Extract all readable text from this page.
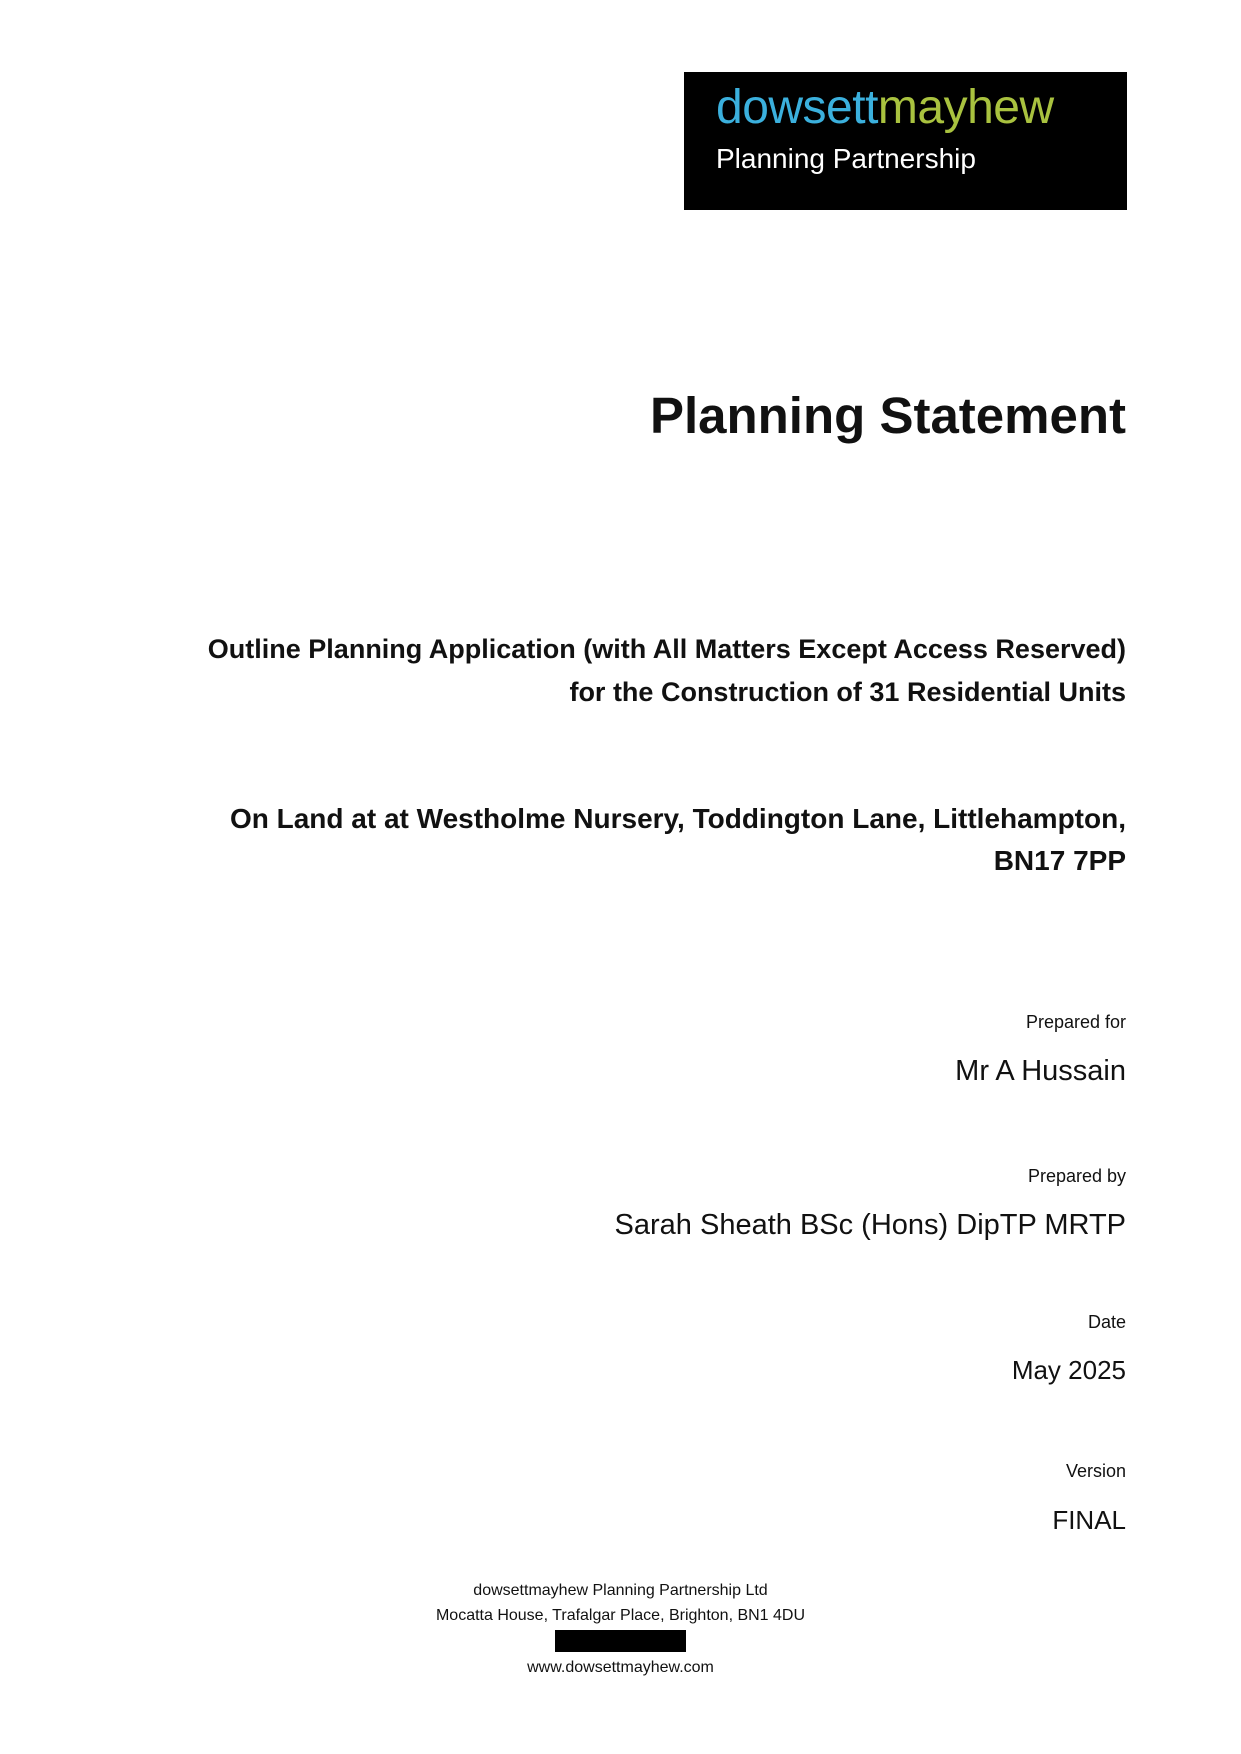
dowsettmayhew
Planning Partnership
Planning Statement
Outline Planning Application (with All Matters Except Access Reserved)
for the Construction of 31 Residential Units
On Land at at Westholme Nursery, Toddington Lane, Littlehampton,
BN17 7PP
Prepared for
Mr A Hussain
Prepared by
Sarah Sheath BSc (Hons) DipTP MRTP
Date
May 2025
Version
FINAL
dowsettmayhew Planning Partnership Ltd
Mocatta House, Trafalgar Place, Brighton, BN1 4DU
www.dowsettmayhew.com
